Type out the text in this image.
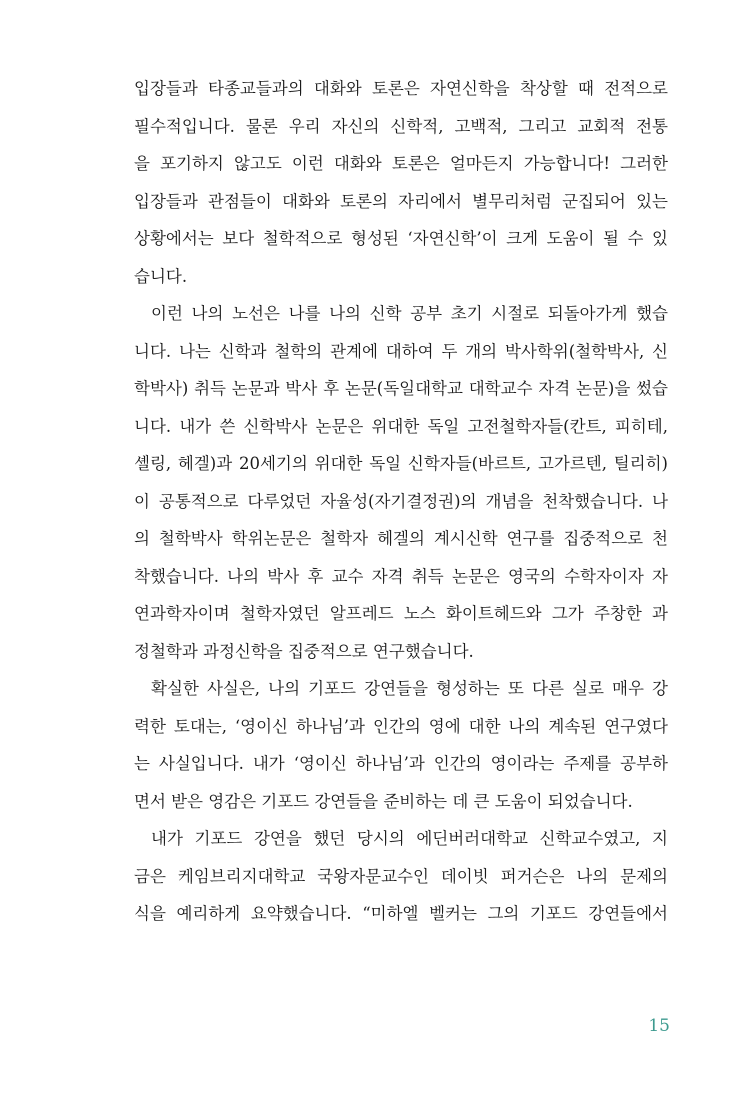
입장들과 타종교들과의 대화와 토론은 자연신학을 착상할 때 전적으로
필수적입니다. 물론 우리 자신의 신학적, 고백적, 그리고 교회적 전통
을 포기하지 않고도 이런 대화와 토론은 얼마든지 가능합니다! 그러한
입장들과 관점들이 대화와 토론의 자리에서 별무리처럼 군집되어 있는
상황에서는 보다 철학적으로 형성된 ‘자연신학’이 크게 도움이 될 수 있
습니다.
이런 나의 노선은 나를 나의 신학 공부 초기 시절로 되돌아가게 했습
니다. 나는 신학과 철학의 관계에 대하여 두 개의 박사학위(철학박사, 신
학박사) 취득 논문과 박사 후 논문(독일대학교 대학교수 자격 논문)을 썼습
니다. 내가 쓴 신학박사 논문은 위대한 독일 고전철학자들(칸트, 피히테,
셸링, 헤겔)과 20세기의 위대한 독일 신학자들(바르트, 고가르텐, 틸리히)
이 공통적으로 다루었던 자율성(자기결정권)의 개념을 천착했습니다. 나
의 철학박사 학위논문은 철학자 헤겔의 계시신학 연구를 집중적으로 천
착했습니다. 나의 박사 후 교수 자격 취득 논문은 영국의 수학자이자 자
연과학자이며 철학자였던 알프레드 노스 화이트헤드와 그가 주창한 과
정철학과 과정신학을 집중적으로 연구했습니다.
확실한 사실은, 나의 기포드 강연들을 형성하는 또 다른 실로 매우 강
력한 토대는, ‘영이신 하나님’과 인간의 영에 대한 나의 계속된 연구였다
는 사실입니다. 내가 ‘영이신 하나님’과 인간의 영이라는 주제를 공부하
면서 받은 영감은 기포드 강연들을 준비하는 데 큰 도움이 되었습니다.
내가 기포드 강연을 했던 당시의 에딘버러대학교 신학교수였고, 지
금은 케임브리지대학교 국왕자문교수인 데이빗 퍼거슨은 나의 문제의
식을 예리하게 요약했습니다. “미하엘 벨커는 그의 기포드 강연들에서
15
